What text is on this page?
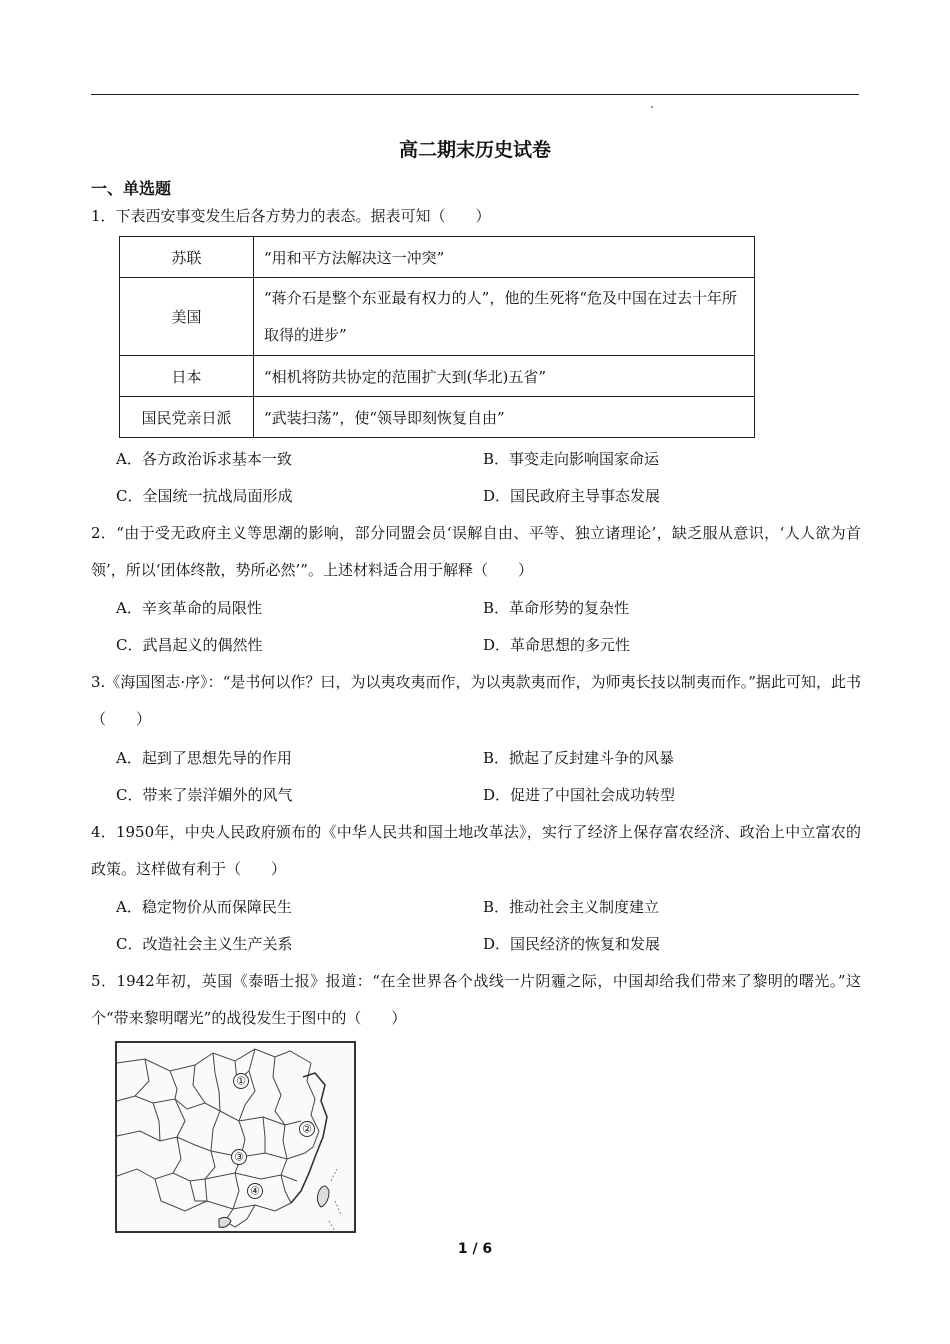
高二期末历史试卷
一、单选题
1．下表西安事变发生后各方势力的表态。据表可知（　　）
苏联	“用和平方法解决这一冲突”
美国	“蒋介石是整个东亚最有权力的人”，他的生死将“危及中国在过去十年所取得的进步”
日本	“相机将防共协定的范围扩大到(华北)五省”
国民党亲日派	“武装扫荡”，使“领导即刻恢复自由”
A．各方政治诉求基本一致	B．事变走向影响国家命运
C．全国统一抗战局面形成	D．国民政府主导事态发展
2．“由于受无政府主义等思潮的影响，部分同盟会员‘误解自由、平等、独立诸理论’，缺乏服从意识，‘人人欲为首领’，所以‘团体终散，势所必然’”。上述材料适合用于解释（　　）
A．辛亥革命的局限性	B．革命形势的复杂性
C．武昌起义的偶然性	D．革命思想的多元性
3.《海国图志·序》：“是书何以作？曰，为以夷攻夷而作，为以夷款夷而作，为师夷长技以制夷而作。”据此可知，此书（　　）
A．起到了思想先导的作用	B．掀起了反封建斗争的风暴
C．带来了崇洋媚外的风气	D．促进了中国社会成功转型
4．1950年，中央人民政府颁布的《中华人民共和国土地改革法》，实行了经济上保存富农经济、政治上中立富农的政策。这样做有利于（　　）
A．稳定物价从而保障民生	B．推动社会主义制度建立
C．改造社会主义生产关系	D．国民经济的恢复和发展
5．1942年初，英国《泰晤士报》报道：“在全世界各个战线一片阴霾之际，中国却给我们带来了黎明的曙光。”这个“带来黎明曙光”的战役发生于图中的（　　）
①
②
③
④
1 / 6
